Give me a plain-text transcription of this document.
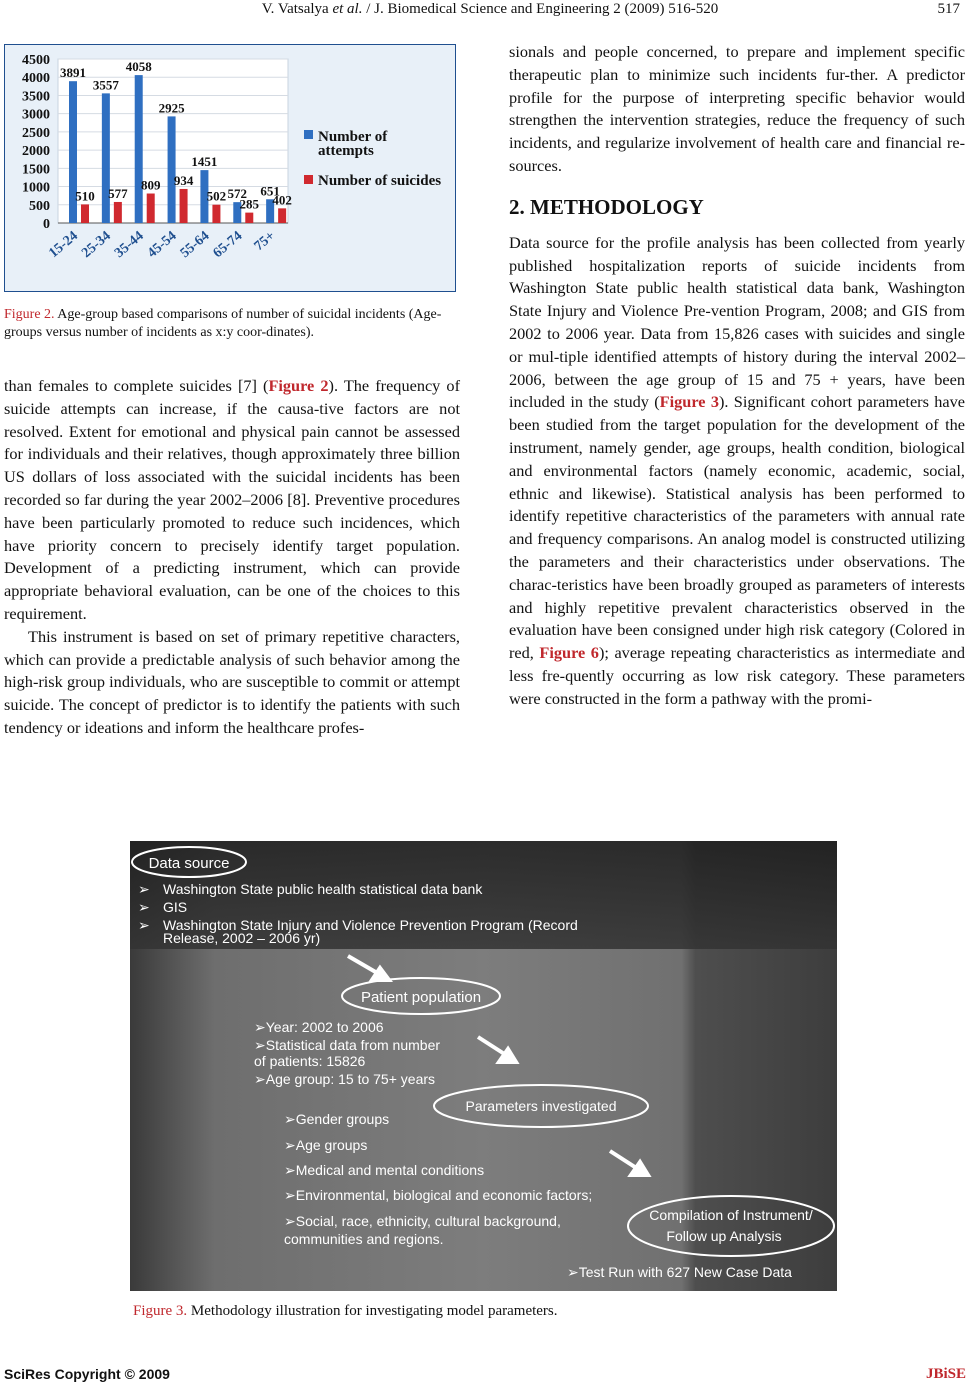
V. Vatsalya et al. / J. Biomedical Science and Engineering 2 (2009) 516-520	517
0
500
1000
1500
2000
2500
3000
3500
4000
4500
3891
510
15-24
3557
577
25-34
4058
809
35-44
2925
934
45-54
1451
502
55-64
572
285
65-74
651
402
75+
Number of attempts
Number of suicides
Figure 2. Age-group based comparisons of number of suicidal incidents (Age-groups versus number of incidents as x:y coor-dinates).

than females to complete suicides [7] (Figure 2). The frequency of suicide attempts can increase, if the causa-tive factors are not resolved. Extent for emotional and physical pain cannot be assessed for individuals and their relatives, though approximately three billion US dollars of loss associated with the suicidal incidents has been recorded so far during the year 2002–2006 [8]. Preventive procedures have been particularly promoted to reduce such incidences, which have priority concern to precisely identify target population. Development of a predicting instrument, which can provide appropriate behavioral evaluation, can be one of the choices to this requirement.

This instrument is based on set of primary repetitive characters, which can provide a predictable analysis of such behavior among the high-risk group individuals, who are susceptible to commit or attempt suicide. The concept of predictor is to identify the patients with such tendency or ideations and inform the healthcare profes-

sionals and people concerned, to prepare and implement specific therapeutic plan to minimize such incidents fur-ther. A predictor profile for the purpose of interpreting specific behavior would strengthen the intervention strategies, reduce the frequency of such incidents, and regularize involvement of health care and financial re-sources.

2. METHODOLOGY

Data source for the profile analysis has been collected from yearly published hospitalization reports of suicide incidents from Washington State public health statistical data bank, Washington State Injury and Violence Pre-vention Program, 2008; and GIS from 2002 to 2006 year. Data from 15,826 cases with suicides and single or mul-tiple identified attempts of history during the interval 2002–2006, between the age group of 15 and 75 + years, have been included in the study (Figure 3). Significant cohort parameters have been studied from the target population for the development of the instrument, namely gender, age groups, health condition, biological and environmental factors (namely economic, academic, social, ethnic and likewise). Statistical analysis has been performed to identify repetitive characteristics of the parameters with annual rate and frequency comparisons. An analog model is constructed utilizing the parameters and their characteristics under observations. The charac-teristics have been broadly grouped as parameters of interests and highly repetitive prevalent characteristics observed in the evaluation have been consigned under high risk category (Colored in red, Figure 6); average repeating characteristics as intermediate and less fre-quently occurring as low risk category. These parameters were constructed in the form a pathway with the promi-

Data source
➢ Washington State public health statistical data bank
➢ GIS
➢ Washington State Injury and Violence Prevention Program (Record
Release, 2002 – 2006 yr)
Patient population
➢Year: 2002 to 2006
➢Statistical data from number
of patients: 15826
➢Age group: 15 to 75+ years
Parameters investigated
➢Gender groups
➢Age groups
➢Medical and mental conditions
➢Environmental, biological and economic factors;
➢Social, race, ethnicity, cultural background,
communities and regions.
Compilation of Instrument/
Follow up Analysis
➢Test Run with 627 New Case Data
Figure 3. Methodology illustration for investigating model parameters.
SciRes Copyright © 2009	JBiSE
